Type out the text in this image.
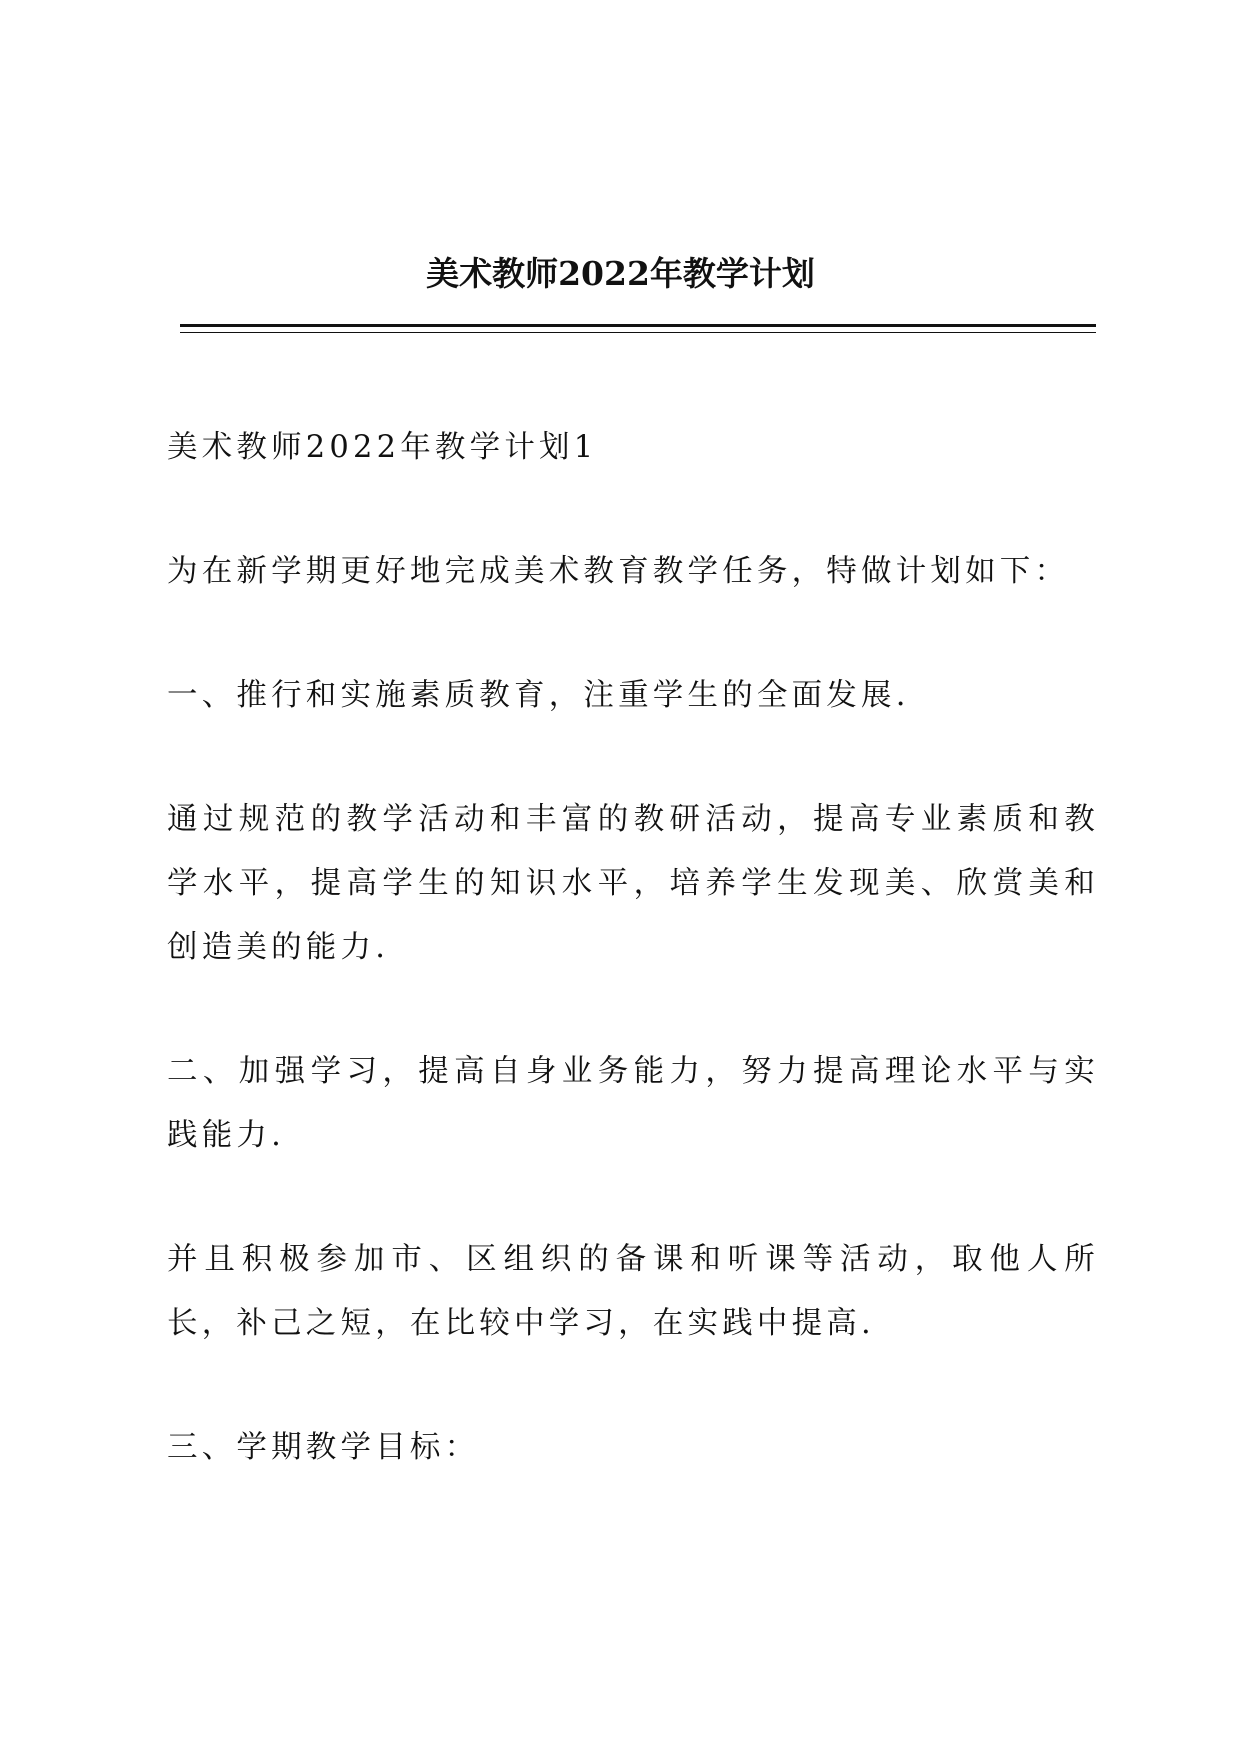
美术教师2022年教学计划

美术教师2022年教学计划1

为在新学期更好地完成美术教育教学任务，特做计划如下：

一、推行和实施素质教育，注重学生的全面发展.

通过规范的教学活动和丰富的教研活动，提高专业素质和教学水平，提高学生的知识水平，培养学生发现美、欣赏美和创造美的能力.

二、加强学习，提高自身业务能力，努力提高理论水平与实践能力.

并且积极参加市、区组织的备课和听课等活动，取他人所长，补己之短，在比较中学习，在实践中提高.

三、学期教学目标：
